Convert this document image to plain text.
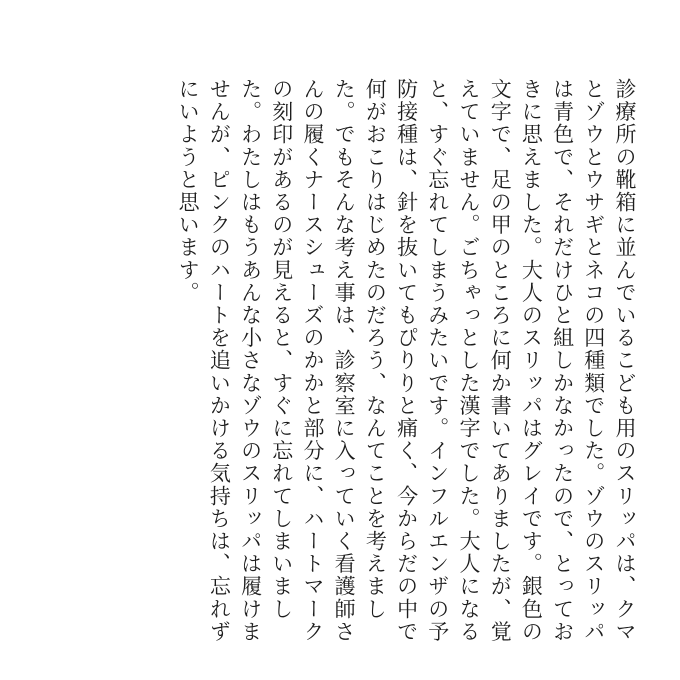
診療所の靴箱に並んでいるこども用のスリッパは、クマ
とゾウとウサギとネコの四種類でした。ゾウのスリッパ
は青色で、それだけひと組しかなかったので、とってお
きに思えました。大人のスリッパはグレイです。銀色の
文字で、足の甲のところに何か書いてありましたが、覚
えていません。ごちゃっとした漢字でした。大人になる
と、すぐ忘れてしまうみたいです。インフルエンザの予
防接種は、針を抜いてもぴりりと痛く、今からだの中で
何がおこりはじめたのだろう、なんてことを考えまし
た。でもそんな考え事は、診察室に入っていく看護師さ
んの履くナースシューズのかかと部分に、ハートマーク
の刻印があるのが見えると、すぐに忘れてしまいまし
た。わたしはもうあんな小さなゾウのスリッパは履けま
せんが、ピンクのハートを追いかける気持ちは、忘れず
にいようと思います。
